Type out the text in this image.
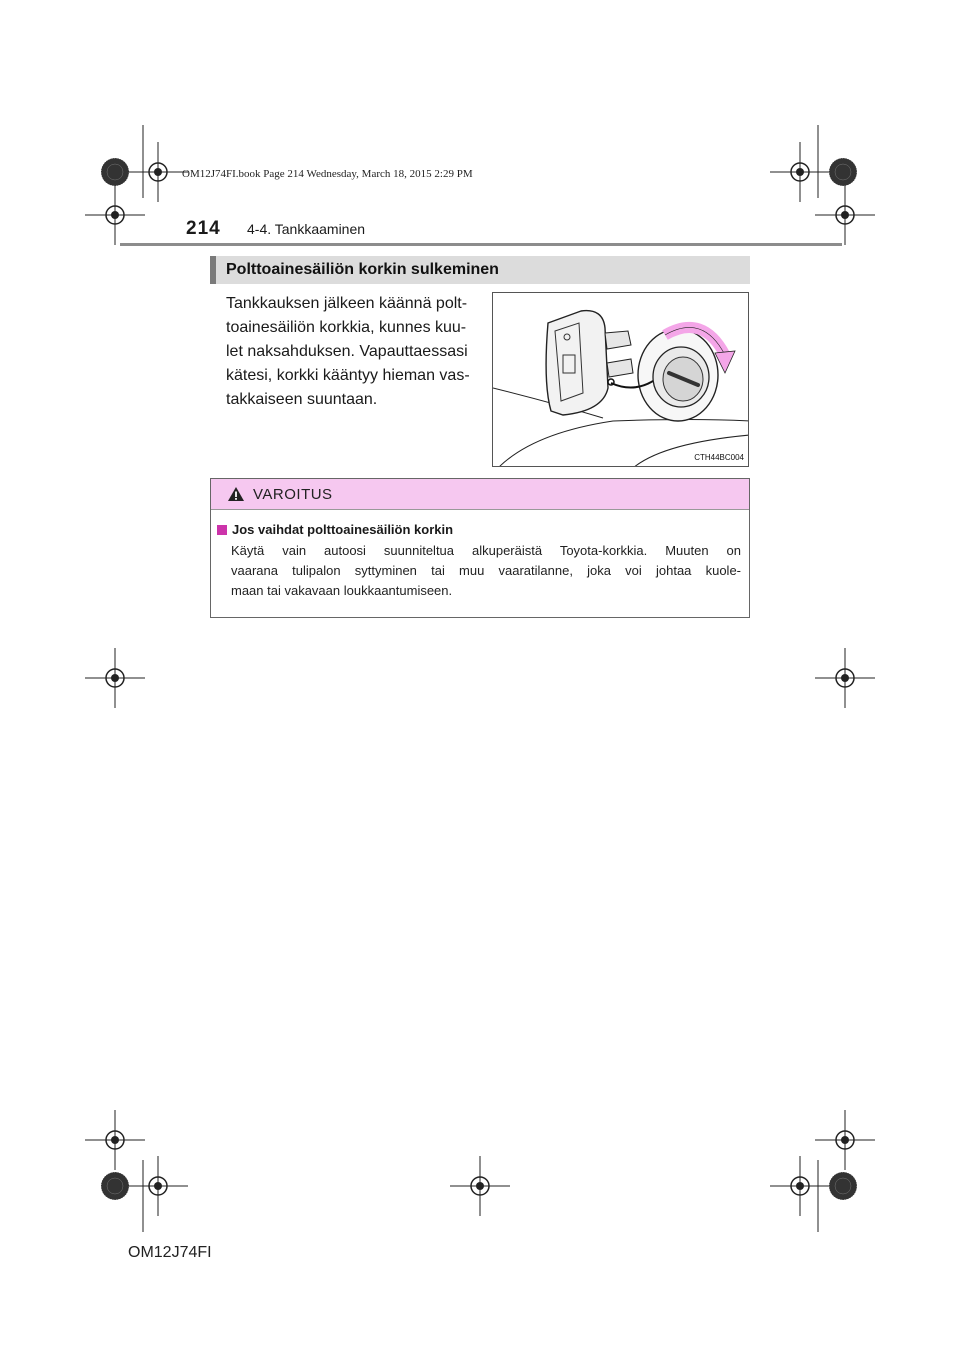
OM12J74FI.book Page 214 Wednesday, March 18, 2015 2:29 PM
214 4-4. Tankkaaminen
Polttoainesäiliön korkin sulkeminen
Tankkauksen jälkeen käännä polt-
toainesäiliön korkkia, kunnes kuu-
let naksahduksen. Vapauttaessasi
kätesi, korkki kääntyy hieman vas-
takkaiseen suuntaan.
CTH44BC004
VAROITUS
Jos vaihdat polttoainesäiliön korkin
Käytä vain autoosi suunniteltua alkuperäistä Toyota-korkkia. Muuten on
vaarana tulipalon syttyminen tai muu vaaratilanne, joka voi johtaa kuole-
maan tai vakavaan loukkaantumiseen.
OM12J74FI
